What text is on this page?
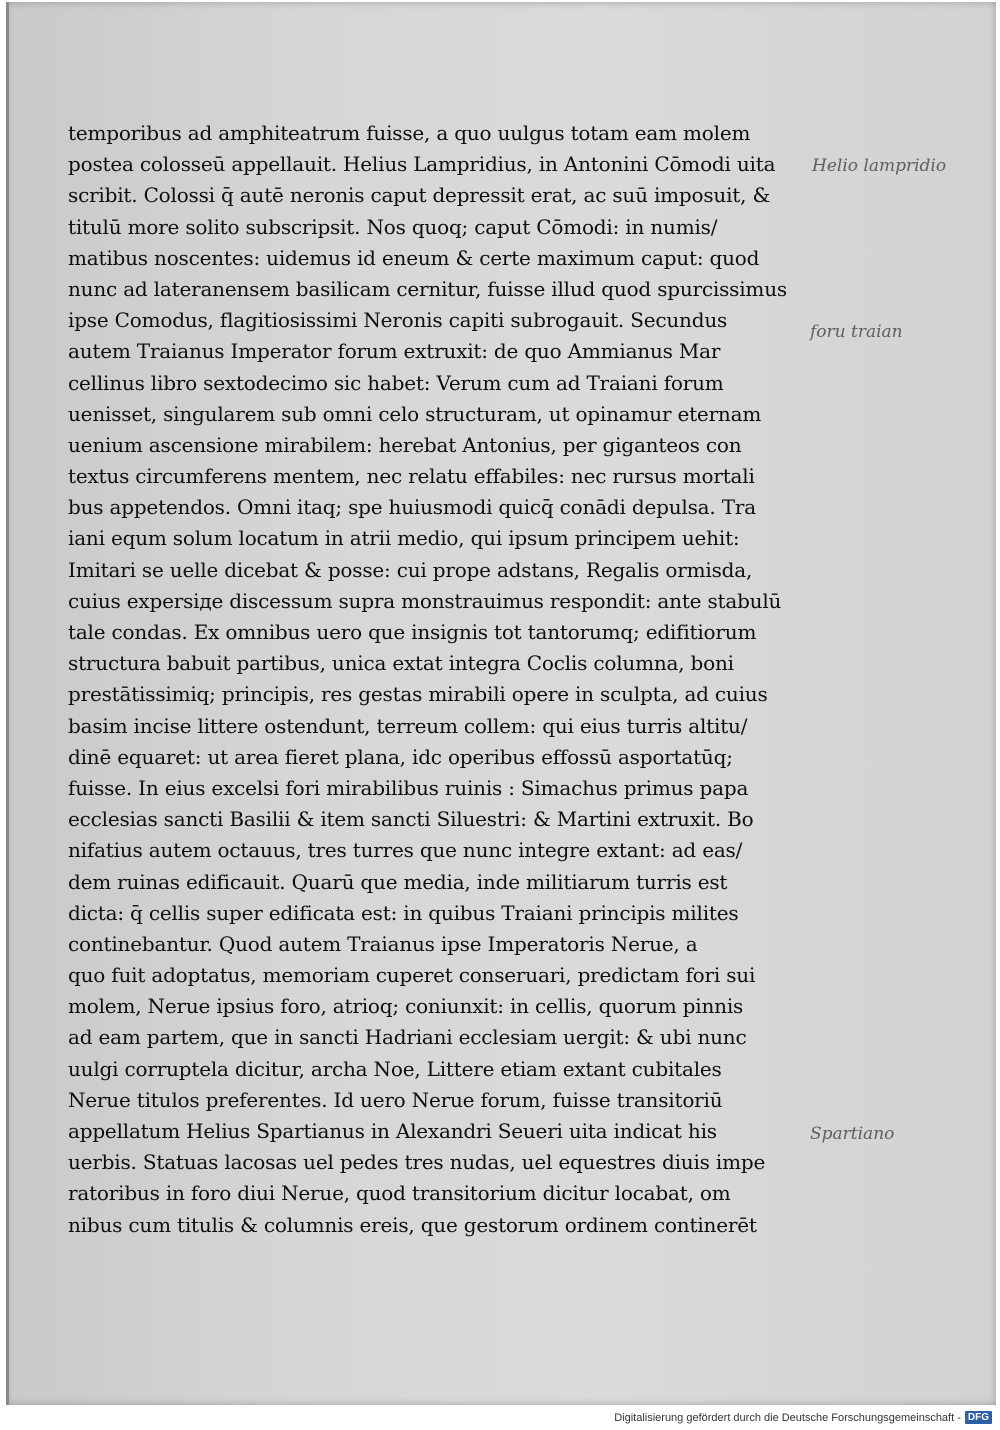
temporibus ad amphiteatrum fuisse, a quo uulgus totam eam molem
postea colosseū appellauit. Helius Lampridius, in Antonini Cōmodi uita
scribit. Colossi q̄ autē neronis caput depressit erat, ac suū imposuit, &
titulū more solito subscripsit. Nos quoq; caput Cōmodi: in numis/
matibus noscentes: uidemus id eneum & certe maximum caput: quod
nunc ad lateranensem basilicam cernitur, fuisse illud quod spurcissimus
ipse Comodus, flagitiosissimi Neronis capiti subrogauit. Secundus
autem Traianus Imperator forum extruxit: de quo Ammianus Mar
cellinus libro sextodecimo sic habet: Verum cum ad Traiani forum
uenisset, singularem sub omni celo structuram, ut opinamur eternam
uenium ascensione mirabilem: herebat Antonius, per giganteos con
textus circumferens mentem, nec relatu effabiles: nec rursus mortali
bus appetendos. Omni itaq; spe huiusmodi quicq̄ conādi depulsa. Tra
iani equm solum locatum in atrii medio, qui ipsum principem uehit:
Imitari se uelle dicebat & posse: cui prope adstans, Regalis ormisda,
cuius expersiде discessum supra monstrauimus respondit: ante stabulū
tale condas. Ex omnibus uero que insignis tot tantorumq; edifitiorum
structura babuit partibus, unica extat integra Coclis columna, boni
prestātissimiq; principis, res gestas mirabili opere in sculpta, ad cuius
basim incise littere ostendunt, terreum collem: qui eius turris altitu/
dinē equaret: ut area fieret plana, idc operibus effossū asportatūq;
fuisse. In eius excelsi fori mirabilibus ruinis : Simachus primus papa
ecclesias sancti Basilii & item sancti Siluestri: & Martini extruxit. Bo
nifatius autem octauus, tres turres que nunc integre extant: ad eas/
dem ruinas edificauit. Quarū que media, inde militiarum turris est
dicta: q̄ cellis super edificata est: in quibus Traiani principis milites
continebantur. Quod autem Traianus ipse Imperatoris Nerue, a
quo fuit adoptatus, memoriam cuperet conseruari, predictam fori sui
molem, Nerue ipsius foro, atrioq; coniunxit: in cellis, quorum pinnis
ad eam partem, que in sancti Hadriani ecclesiam uergit: & ubi nunc
uulgi corruptela dicitur, archa Noe, Littere etiam extant cubitales
Nerue titulos preferentes. Id uero Nerue forum, fuisse transitoriū
appellatum Helius Spartianus in Alexandri Seueri uita indicat his
uerbis. Statuas lacosas uel pedes tres nudas, uel equestres diuis impe
ratoribus in foro diui Nerue, quod transitorium dicitur locabat, om
nibus cum titulis & columnis ereis, que gestorum ordinem continerēt
Helio lampridio
foru traian
Spartiano
Digitalisierung gefördert durch die Deutsche Forschungsgemeinschaft - DFG
